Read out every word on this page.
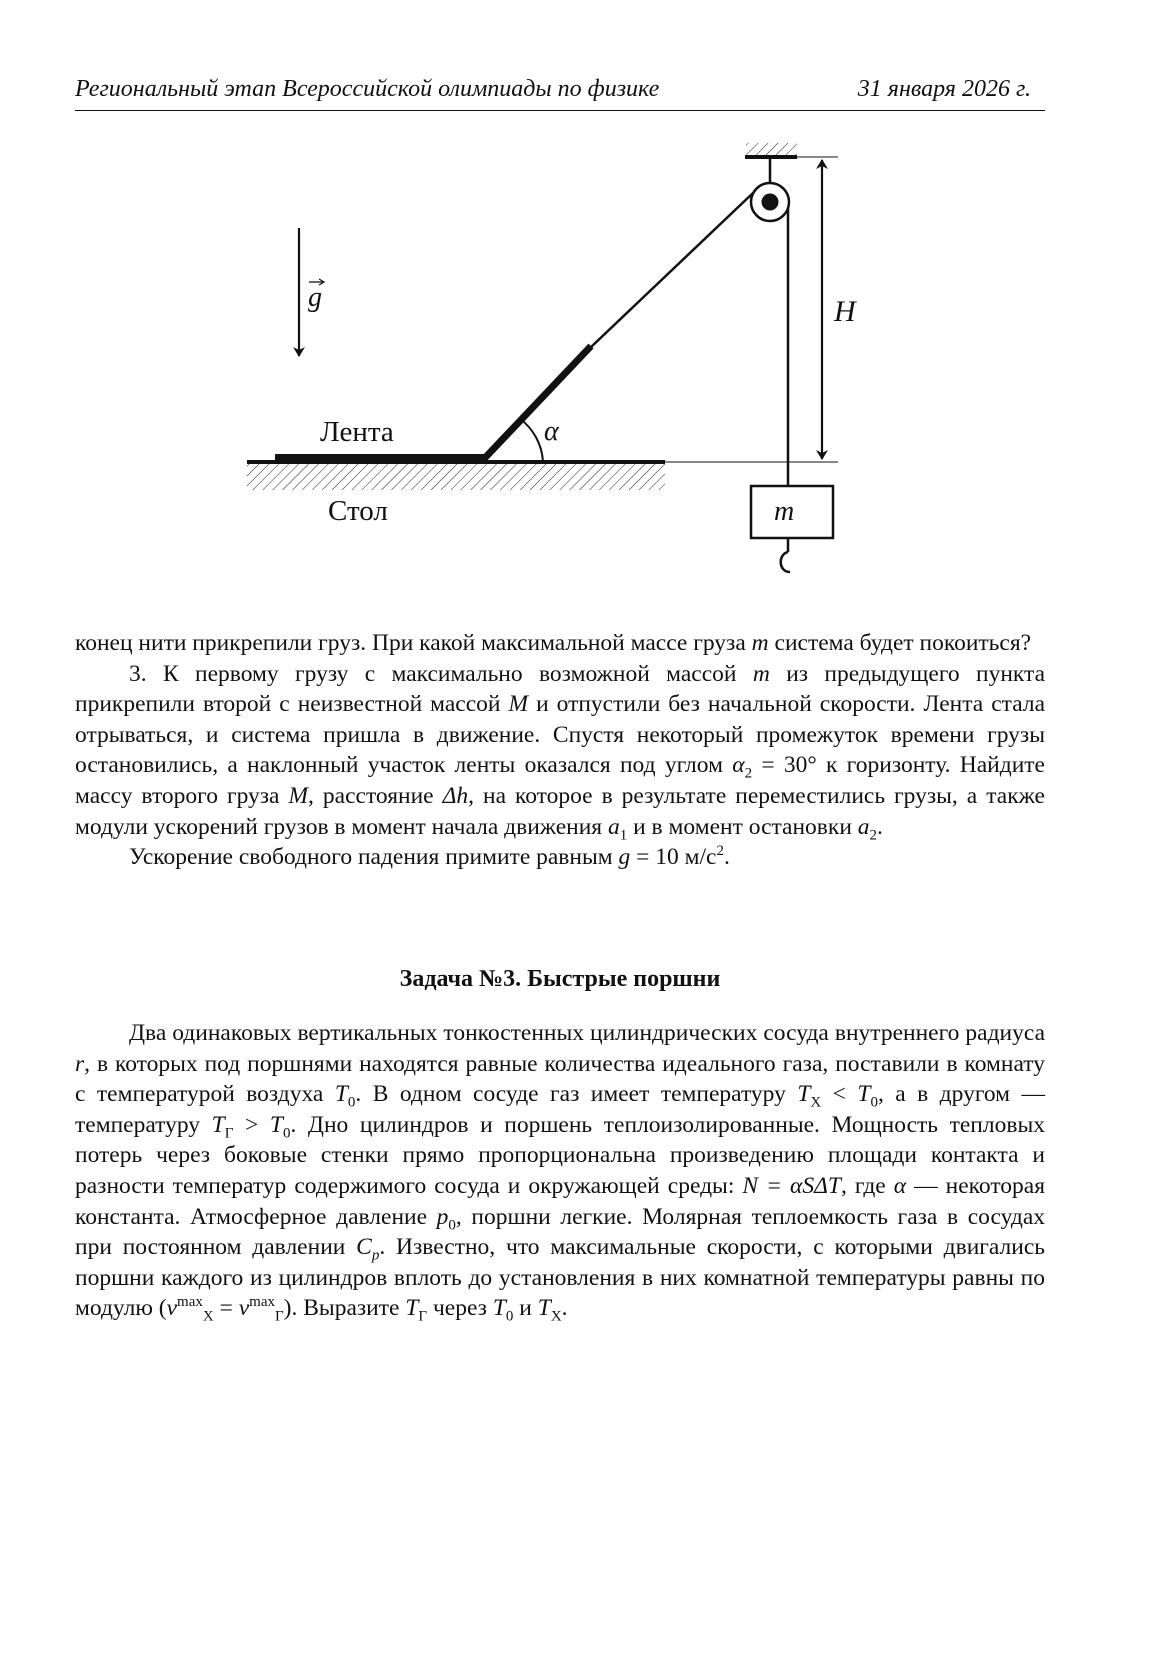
Региональный этап Всероссийской олимпиады по физике	31 января 2026 г.
g
α
Лента
Стол
H
m

конец нити прикрепили груз. При какой максимальной массе груза m система будет покоиться?

3. К первому грузу с максимально возможной массой m из предыдущего пункта прикрепили второй с неизвестной массой M и отпустили без начальной скорости. Лента стала отрываться, и система пришла в движение. Спустя некоторый промежуток времени грузы остановились, а наклонный участок ленты оказался под углом $\alpha_2 = 30^\circ$ к горизонту. Найдите массу второго груза M, расстояние Δh, на которое в результате переместились грузы, а также модули ускорений грузов в момент начала движения $a_1$ и в момент остановки $a_2$.

Ускорение свободного падения примите равным g = 10 $м/с^2$.

Задача №3. Быстрые поршни

Два одинаковых вертикальных тонкостенных цилиндрических сосуда внутреннего радиуса r, в которых под поршнями находятся равные количества идеального газа, поставили в комнату с температурой воздуха $T_0$. В одном сосуде газ имеет температуру $T_Х < T_0$, а в другом — температуру $T_Г > T_0$. Дно цилиндров и поршень теплоизолированные. Мощность тепловых потерь через боковые стенки прямо пропорциональна произведению площади контакта и разности температур содержимого сосуда и окружающей среды: N = αSΔT, где α — некоторая константа. Атмосферное давление $p_0$, поршни легкие. Молярная теплоемкость газа в сосудах при постоянном давлении $C_p$. Известно, что максимальные скорости, с которыми двигались поршни каждого из цилиндров вплоть до установления в них комнатной температуры равны по модулю $(v^{max}_Х = v^{max}_Г)$. Выразите $T_Г$ через $T_0$ и $T_Х$.
